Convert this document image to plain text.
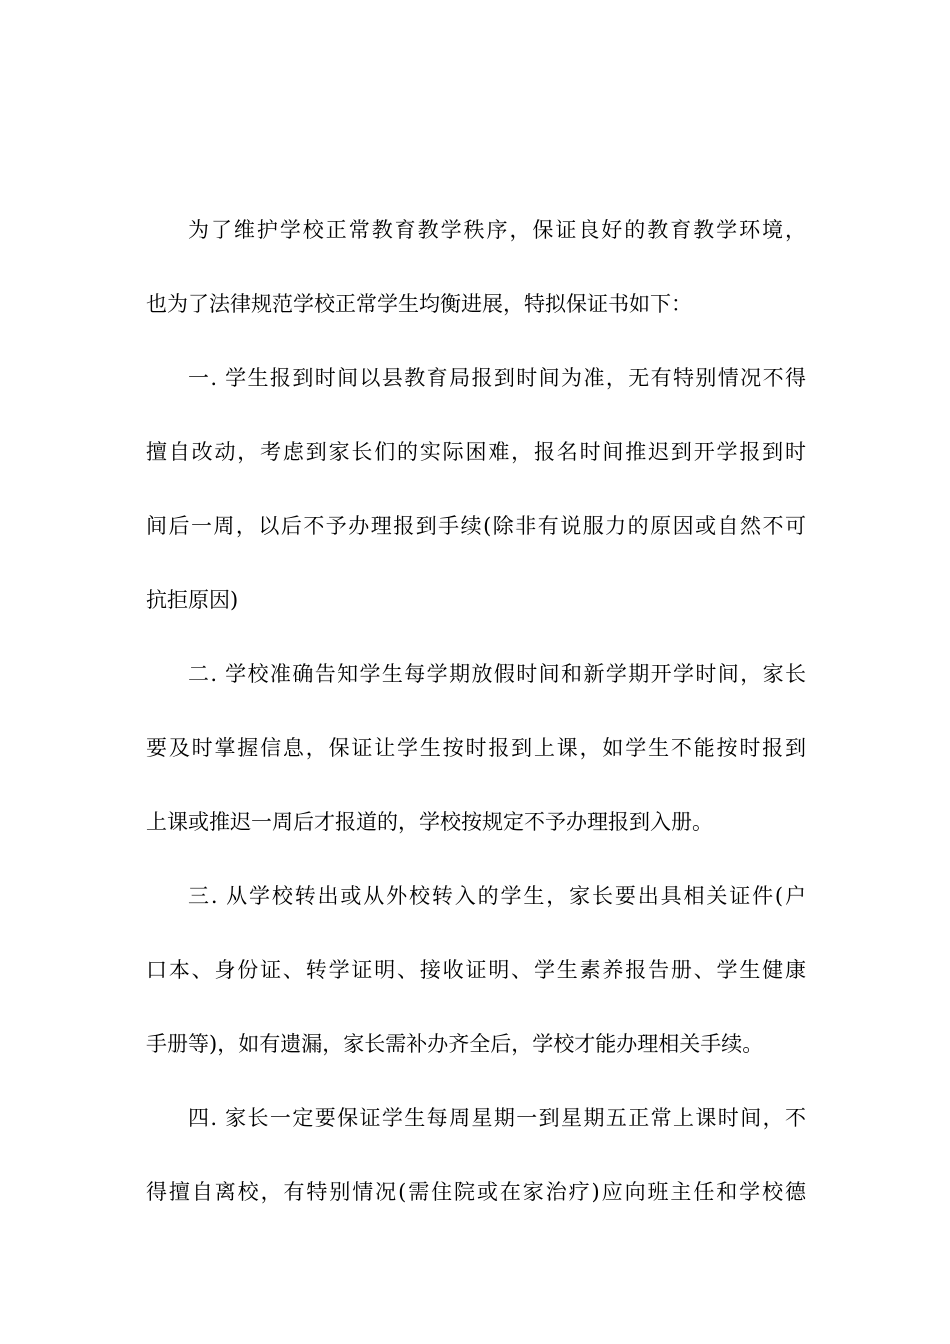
为了维护学校正常教育教学秩序，保证良好的教育教学环境，
也为了法律规范学校正常学生均衡进展，特拟保证书如下：
一. 学生报到时间以县教育局报到时间为准，无有特别情况不得
擅自改动，考虑到家长们的实际困难，报名时间推迟到开学报到时
间后一周，以后不予办理报到手续(除非有说服力的原因或自然不可
抗拒原因)
二. 学校准确告知学生每学期放假时间和新学期开学时间，家长
要及时掌握信息，保证让学生按时报到上课，如学生不能按时报到
上课或推迟一周后才报道的，学校按规定不予办理报到入册。
三. 从学校转出或从外校转入的学生，家长要出具相关证件(户
口本、身份证、转学证明、接收证明、学生素养报告册、学生健康
手册等)，如有遗漏，家长需补办齐全后，学校才能办理相关手续。
四. 家长一定要保证学生每周星期一到星期五正常上课时间，不
得擅自离校，有特别情况(需住院或在家治疗)应向班主任和学校德
